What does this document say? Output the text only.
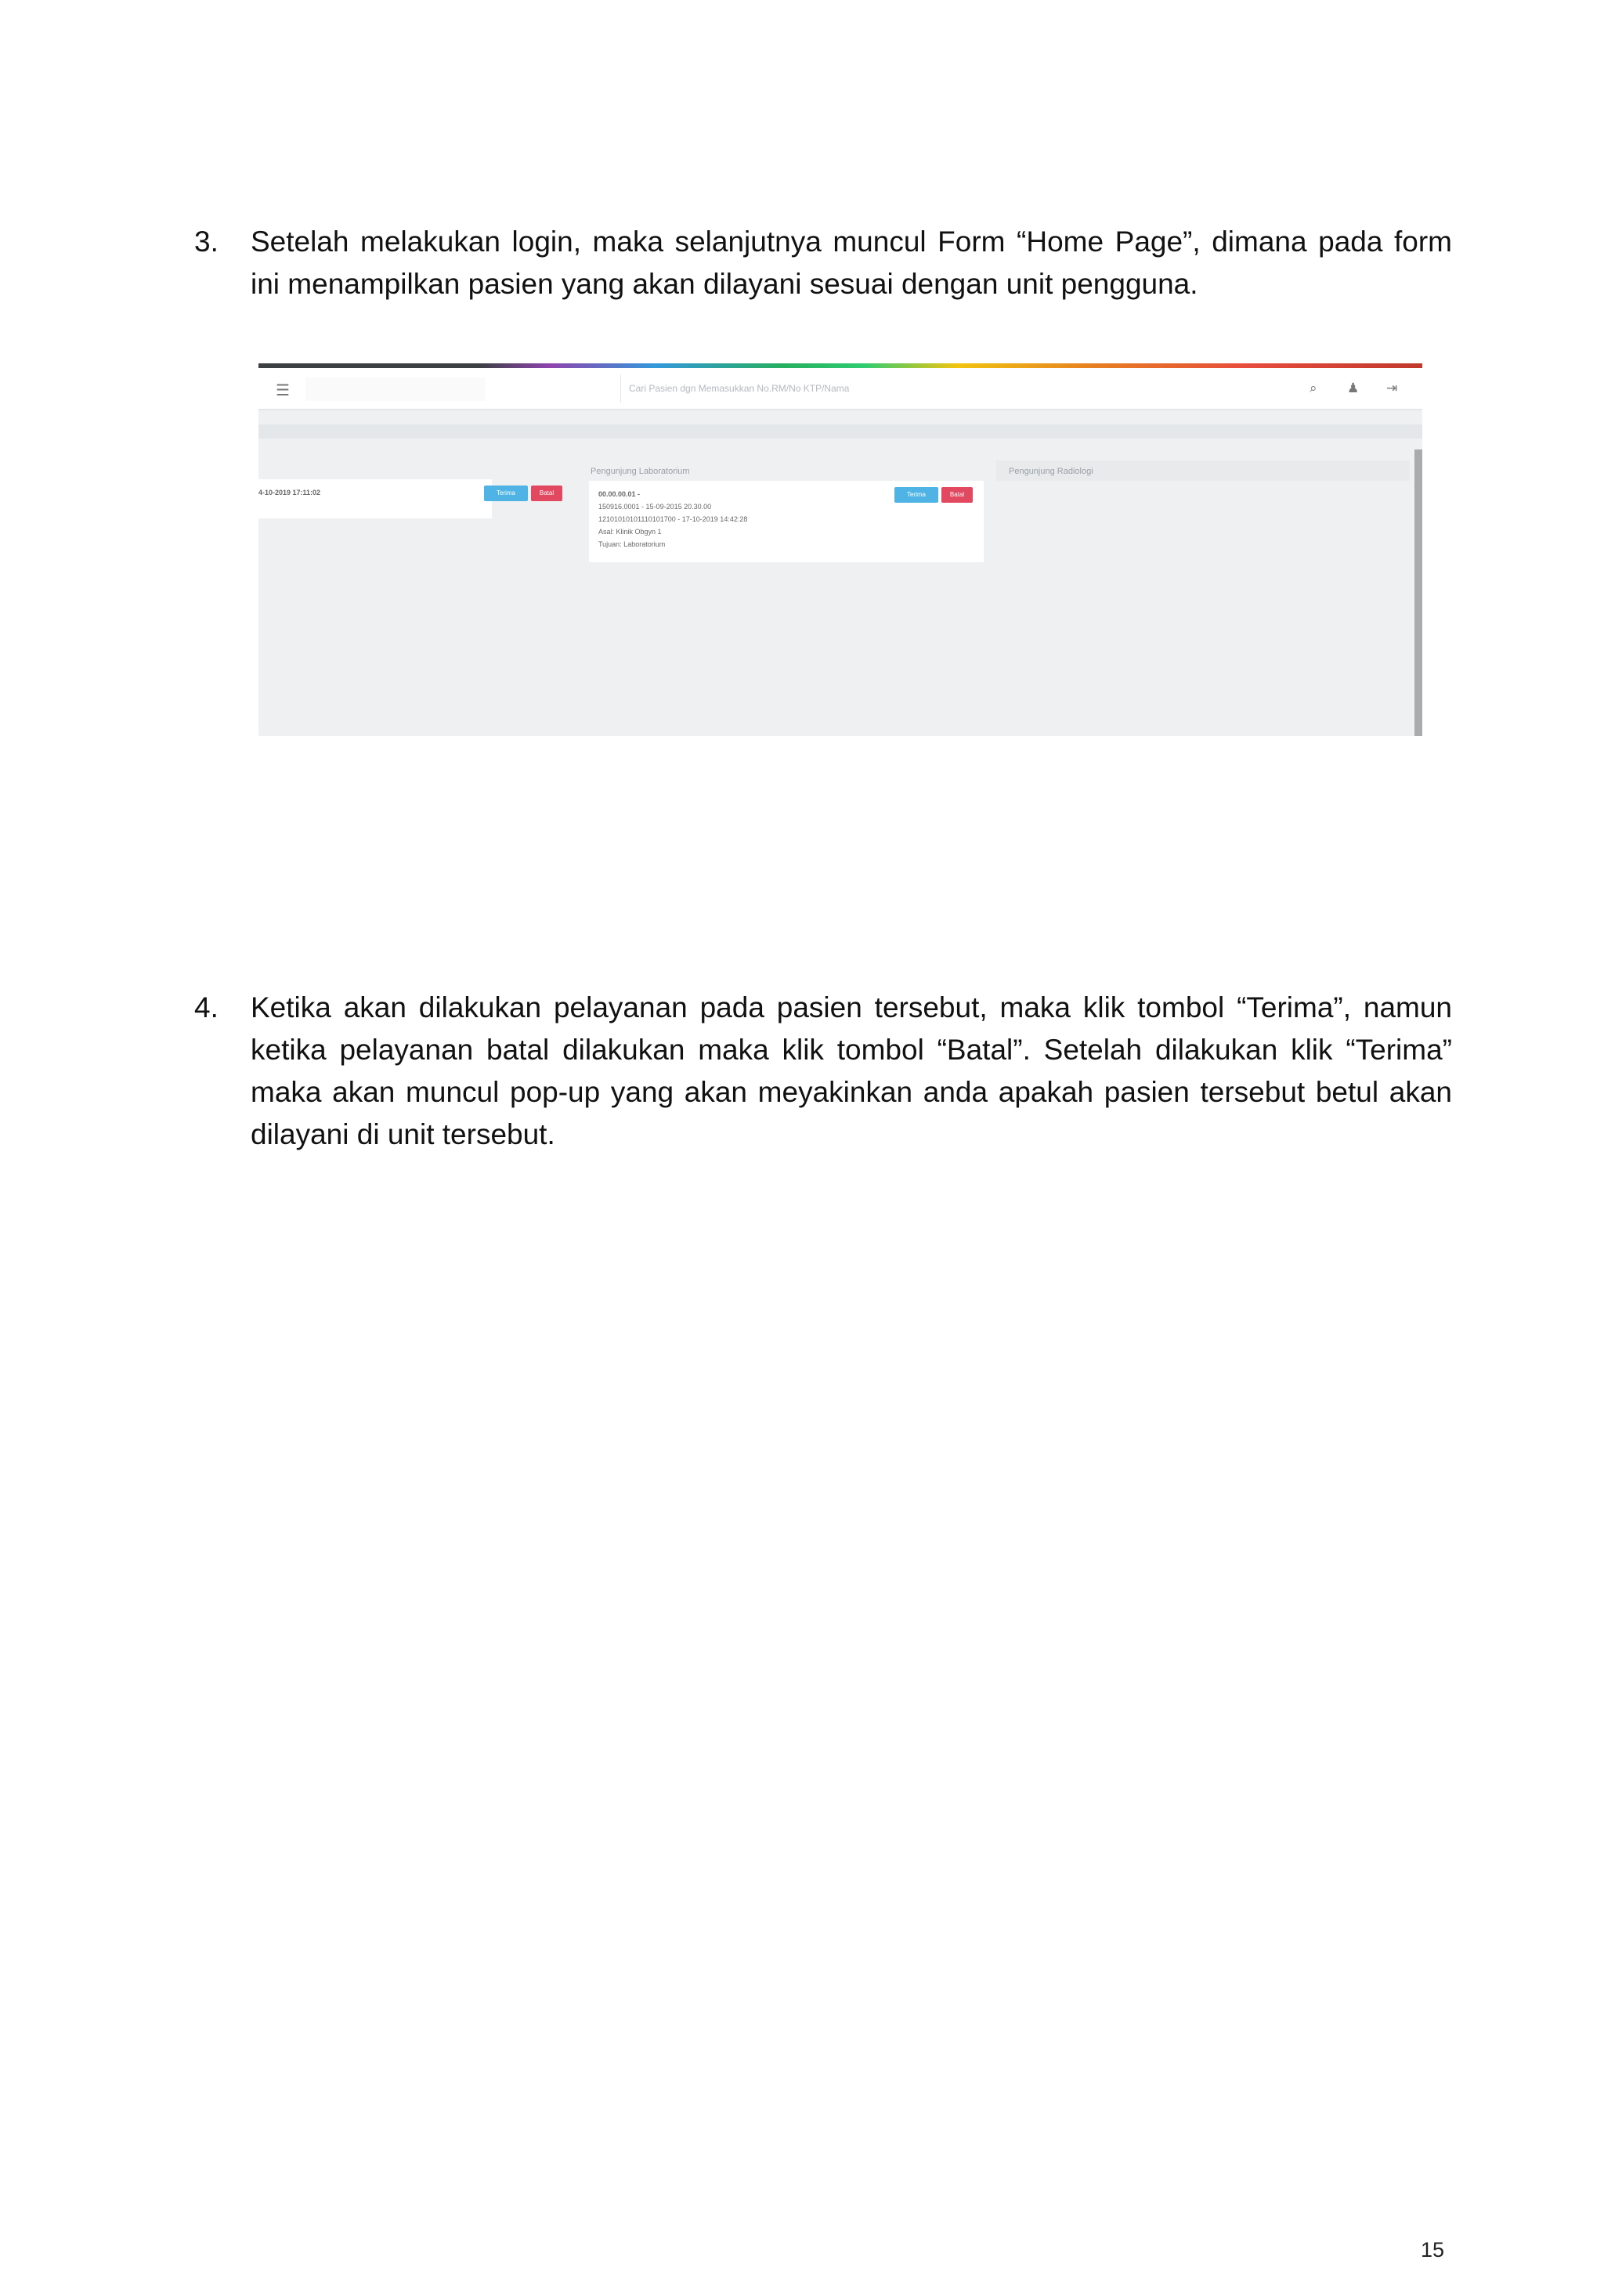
3. Setelah melakukan login, maka selanjutnya muncul Form “Home Page”, dimana pada form ini menampilkan pasien yang akan dilayani sesuai dengan unit pengguna.
☰	Cari Pasien dgn Memasukkan No.RM/No KTP/Nama	⌕ ♟ ⇥
4-10-2019 17:11:02	Terima	Batal
Pengunjung Laboratorium
00.00.00.01 -
150916.0001 - 15-09-2015 20.30.00
12101010101110101700 - 17-10-2019 14:42:28
Asal: Klinik Obgyn 1
Tujuan: Laboratorium
Terima	Batal
Pengunjung Radiologi
4. Ketika akan dilakukan pelayanan pada pasien tersebut, maka klik tombol “Terima”, namun ketika pelayanan batal dilakukan maka klik tombol “Batal”. Setelah dilakukan klik “Terima” maka akan muncul pop-up yang akan meyakinkan anda apakah pasien tersebut betul akan dilayani di unit tersebut.
15
